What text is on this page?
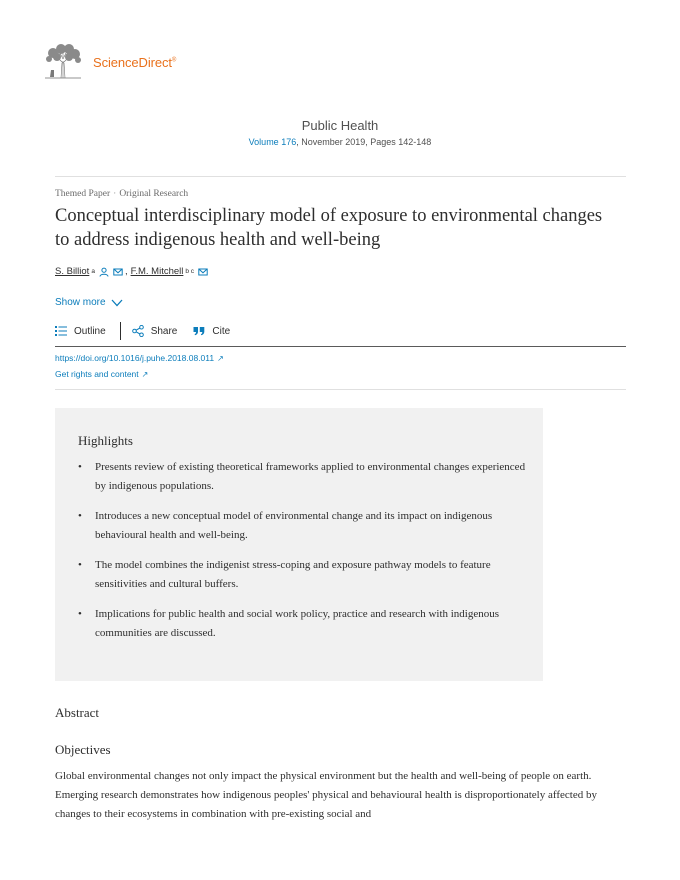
ScienceDirect®
Public Health
Volume 176, November 2019, Pages 142-148
Themed Paper · Original Research
Conceptual interdisciplinary model of exposure to environmental changes to address indigenous health and well-being
S. Billiot a	, F.M. Mitchell b c
Show more
Outline	Share	Cite
https://doi.org/10.1016/j.puhe.2018.08.011 ↗
Get rights and content ↗
Highlights
• Presents review of existing theoretical frameworks applied to environmental changes experienced by indigenous populations.
• Introduces a new conceptual model of environmental change and its impact on indigenous behavioural health and well-being.
• The model combines the indigenist stress-coping and exposure pathway models to feature sensitivities and cultural buffers.
• Implications for public health and social work policy, practice and research with indigenous communities are discussed.
Abstract
Objectives

Global environmental changes not only impact the physical environment but the health and well-being of people on earth. Emerging research demonstrates how indigenous peoples' physical and behavioural health is disproportionately affected by changes to their ecosystems in combination with pre-existing social and
